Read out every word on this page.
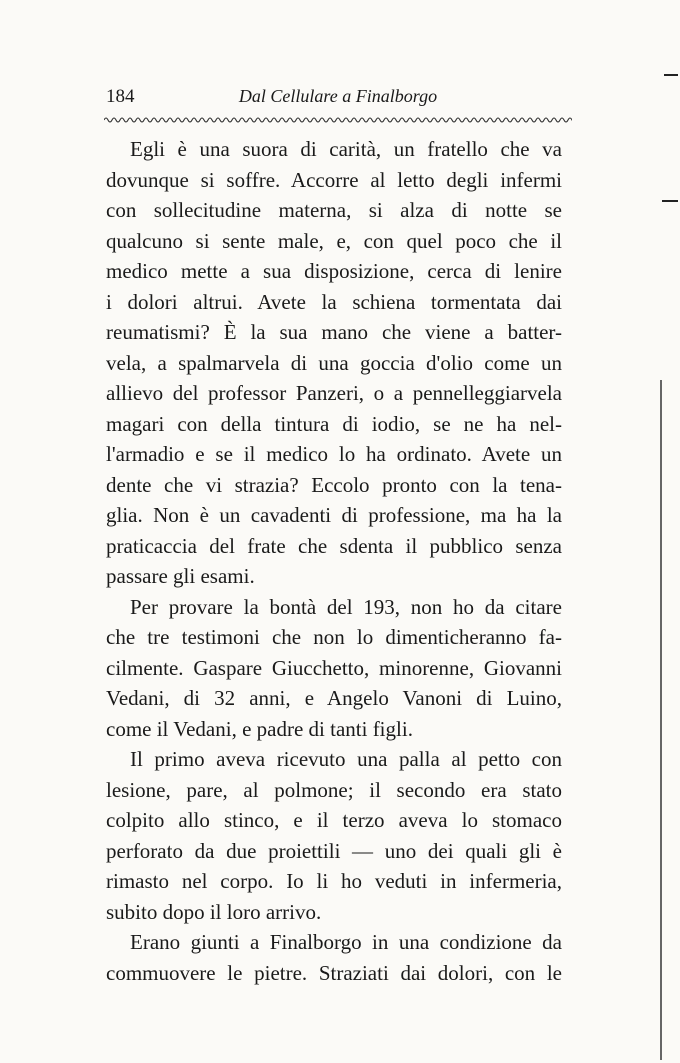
184	Dal Cellulare a Finalborgo
Egli è una suora di carità, un fratello che va
dovunque si soffre. Accorre al letto degli infermi
con sollecitudine materna, si alza di notte se
qualcuno si sente male, e, con quel poco che il
medico mette a sua disposizione, cerca di lenire
i dolori altrui. Avete la schiena tormentata dai
reumatismi? È la sua mano che viene a batter-
vela, a spalmarvela di una goccia d'olio come un
allievo del professor Panzeri, o a pennelleggiarvela
magari con della tintura di iodio, se ne ha nel-
l'armadio e se il medico lo ha ordinato. Avete un
dente che vi strazia? Eccolo pronto con la tena-
glia. Non è un cavadenti di professione, ma ha la
praticaccia del frate che sdenta il pubblico senza
passare gli esami.
Per provare la bontà del 193, non ho da citare
che tre testimoni che non lo dimenticheranno fa-
cilmente. Gaspare Giucchetto, minorenne, Giovanni
Vedani, di 32 anni, e Angelo Vanoni di Luino,
come il Vedani, e padre di tanti figli.
Il primo aveva ricevuto una palla al petto con
lesione, pare, al polmone; il secondo era stato
colpito allo stinco, e il terzo aveva lo stomaco
perforato da due proiettili — uno dei quali gli è
rimasto nel corpo. Io li ho veduti in infermeria,
subito dopo il loro arrivo.
Erano giunti a Finalborgo in una condizione da
commuovere le pietre. Straziati dai dolori, con le
